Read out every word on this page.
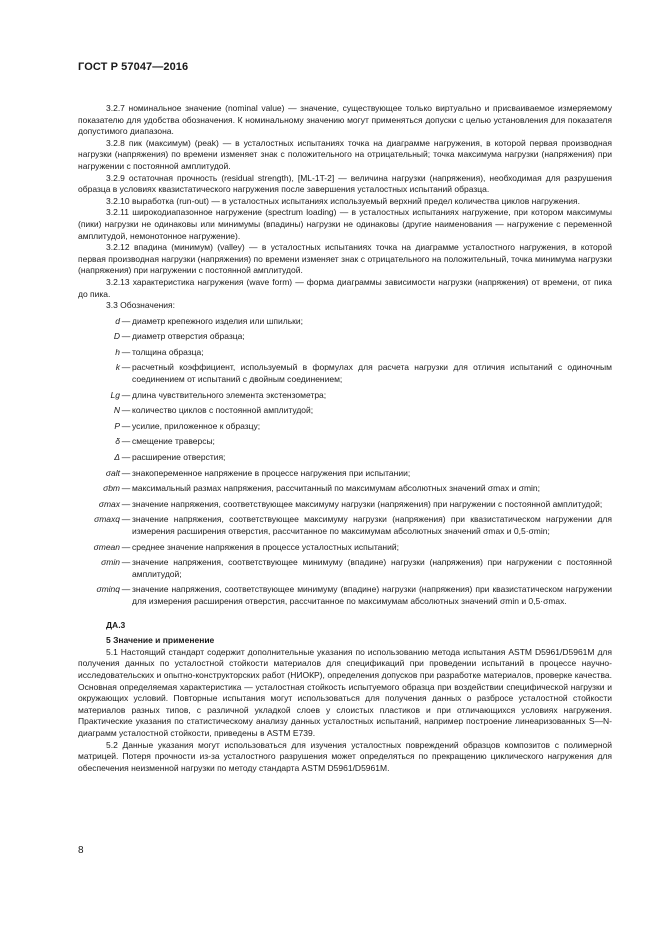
ГОСТ Р 57047—2016

3.2.7 номинальное значение (nominal value) — значение, существующее только виртуально и присваиваемое измеряемому пoказателю для удобства обозначения. К номинальному значению могут применяться допуски с целью установления для показателя допустимого диапазона.

3.2.8 пик (максимум) (peak) — в усталостных испытаниях точка на диаграмме нагружения, в которой первая производная нагрузки (напряжения) по времени изменяет знак с положительного на отрицательный; точка максимума нагрузки (напряжения) при нагружении с постоянной амплитудой.

3.2.9 остаточная прочность (residual strength), [ML-1T-2] — величина нагрузки (напряжения), необходимая для разрушения образца в условиях квазистатического нагружения после завершения усталостных испытаний образца.

3.2.10 выработка (run-out) — в усталостных испытаниях используемый верхний предел количества циклов нагружения.

3.2.11 широкодиапазонное нагружение (spectrum loading) — в усталостных испытаниях нагружение, при котором максимумы (пики) нагрузки не одинаковы или минимумы (впадины) нагрузки не одинаковы (другие наименования — нагружение с переменной амплитудой, немонотонное нагружение).

3.2.12 впадина (минимум) (valley) — в усталостных испытаниях точка на диаграмме усталостного нагружения, в которой первая производная нагрузки (напряжения) по времени изменяет знак с отрицательного на положительный, точка минимума нагрузки (напряжения) при нагружении с постоянной амплитудой.

3.2.13 характеристика нагружения (wave form) — форма диаграммы зависимости нагрузки (напряжения) от времени, от пика до пика.

3.3 Обозначения:

d — диаметр крепежного изделия или шпильки;
D — диаметр отверстия образца;
h — толщина образца;
k — расчетный коэффициент, используемый в формулах для расчета нагрузки для отличия испытаний с одиночным соединением от испытаний с двойным соединением;
Lg — длина чувствительного элемента экстензометра;
N — количество циклов с постоянной амплитудой;
P — усилие, приложенное к образцу;
δ — смещение траверсы;
Δ — расширение отверстия;
σalt — знакопеременное напряжение в процессе нагружения при испытании;
σbm — максимальный размах напряжения, рассчитанный по максимумам абсолютных значений σmax и σmin;
σmax — значение напряжения, соответствующее максимуму нагрузки (напряжения) при нагружении с постоянной амплитудой;
σmaxq — значение напряжения, соответствующее максимуму нагрузки (напряжения) при квазистатическом нагружении для измерения расширения отверстия, рассчитанное по максимумам абсолютных значений σmax и 0,5·σmin;
σmean — среднее значение напряжения в процессе усталостных испытаний;
σmin — значение напряжения, соответствующее минимуму (впадине) нагрузки (напряжения) при нагружении с постоянной амплитудой;
σminq — значение напряжения, соответствующее минимуму (впадине) нагрузки (напряжения) при квазистатическом нагружении для измерения расширения отверстия, рассчитанное по максимумам абсолютных значений σmin и 0,5·σmax.

ДА.3

5 Значение и применение

5.1 Настоящий стандарт содержит дополнительные указания по использованию метода испытания ASTM D5961/D5961M для получения данных по усталостной стойкости материалов для спецификаций при проведении испытаний в процессе научно-исследовательских и опытно-конструкторских работ (НИОКР), определения допусков при разработке материалов, проверке качества. Основная определяемая характеристика — усталостная стойкость испытуемого образца при воздействии специфической нагрузки и окружающих условий. Повторные испытания могут использоваться для получения данных о разбросе усталостной стойкости материалов разных типов, с различной укладкой слоев у слоистых пластиков и при отличающихся условиях нагружения. Практические указания по статистическому анализу данных усталостных испытаний, например построение линеаризованных S—N-диаграмм усталостной стойкости, приведены в ASTM E739.

5.2 Данные указания могут использоваться для изучения усталостных повреждений образцов композитов с полимерной матрицей. Потеря прочности из-за усталостного разрушения может определяться по прекращению циклического нагружения для обеспечения неизменной нагрузки по методу стандарта ASTM D5961/D5961M.

8
